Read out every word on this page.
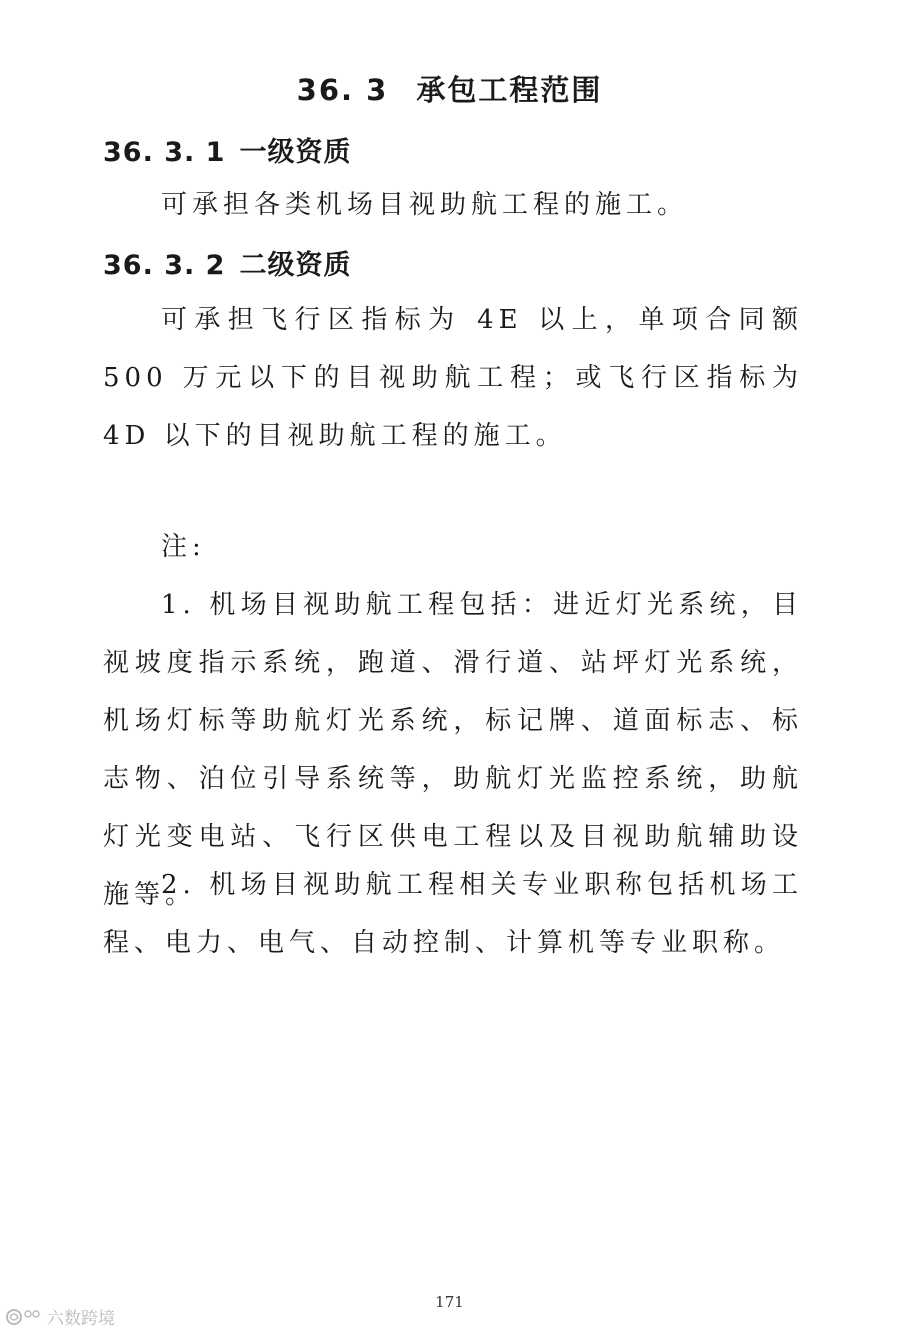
36. 3 承包工程范围
36. 3. 1 一级资质

可承担各类机场目视助航工程的施工。

36. 3. 2 二级资质

可承担飞行区指标为 4E 以上，单项合同额 500 万元以下的目视助航工程；或飞行区指标为 4D 以下的目视助航工程的施工。

注:

1. 机场目视助航工程包括：进近灯光系统，目视坡度指示系统，跑道、滑行道、站坪灯光系统，机场灯标等助航灯光系统，标记牌、道面标志、标志物、泊位引导系统等，助航灯光监控系统，助航灯光变电站、飞行区供电工程以及目视助航辅助设施等。

2. 机场目视助航工程相关专业职称包括机场工程、电力、电气、自动控制、计算机等专业职称。

171
六数跨境
